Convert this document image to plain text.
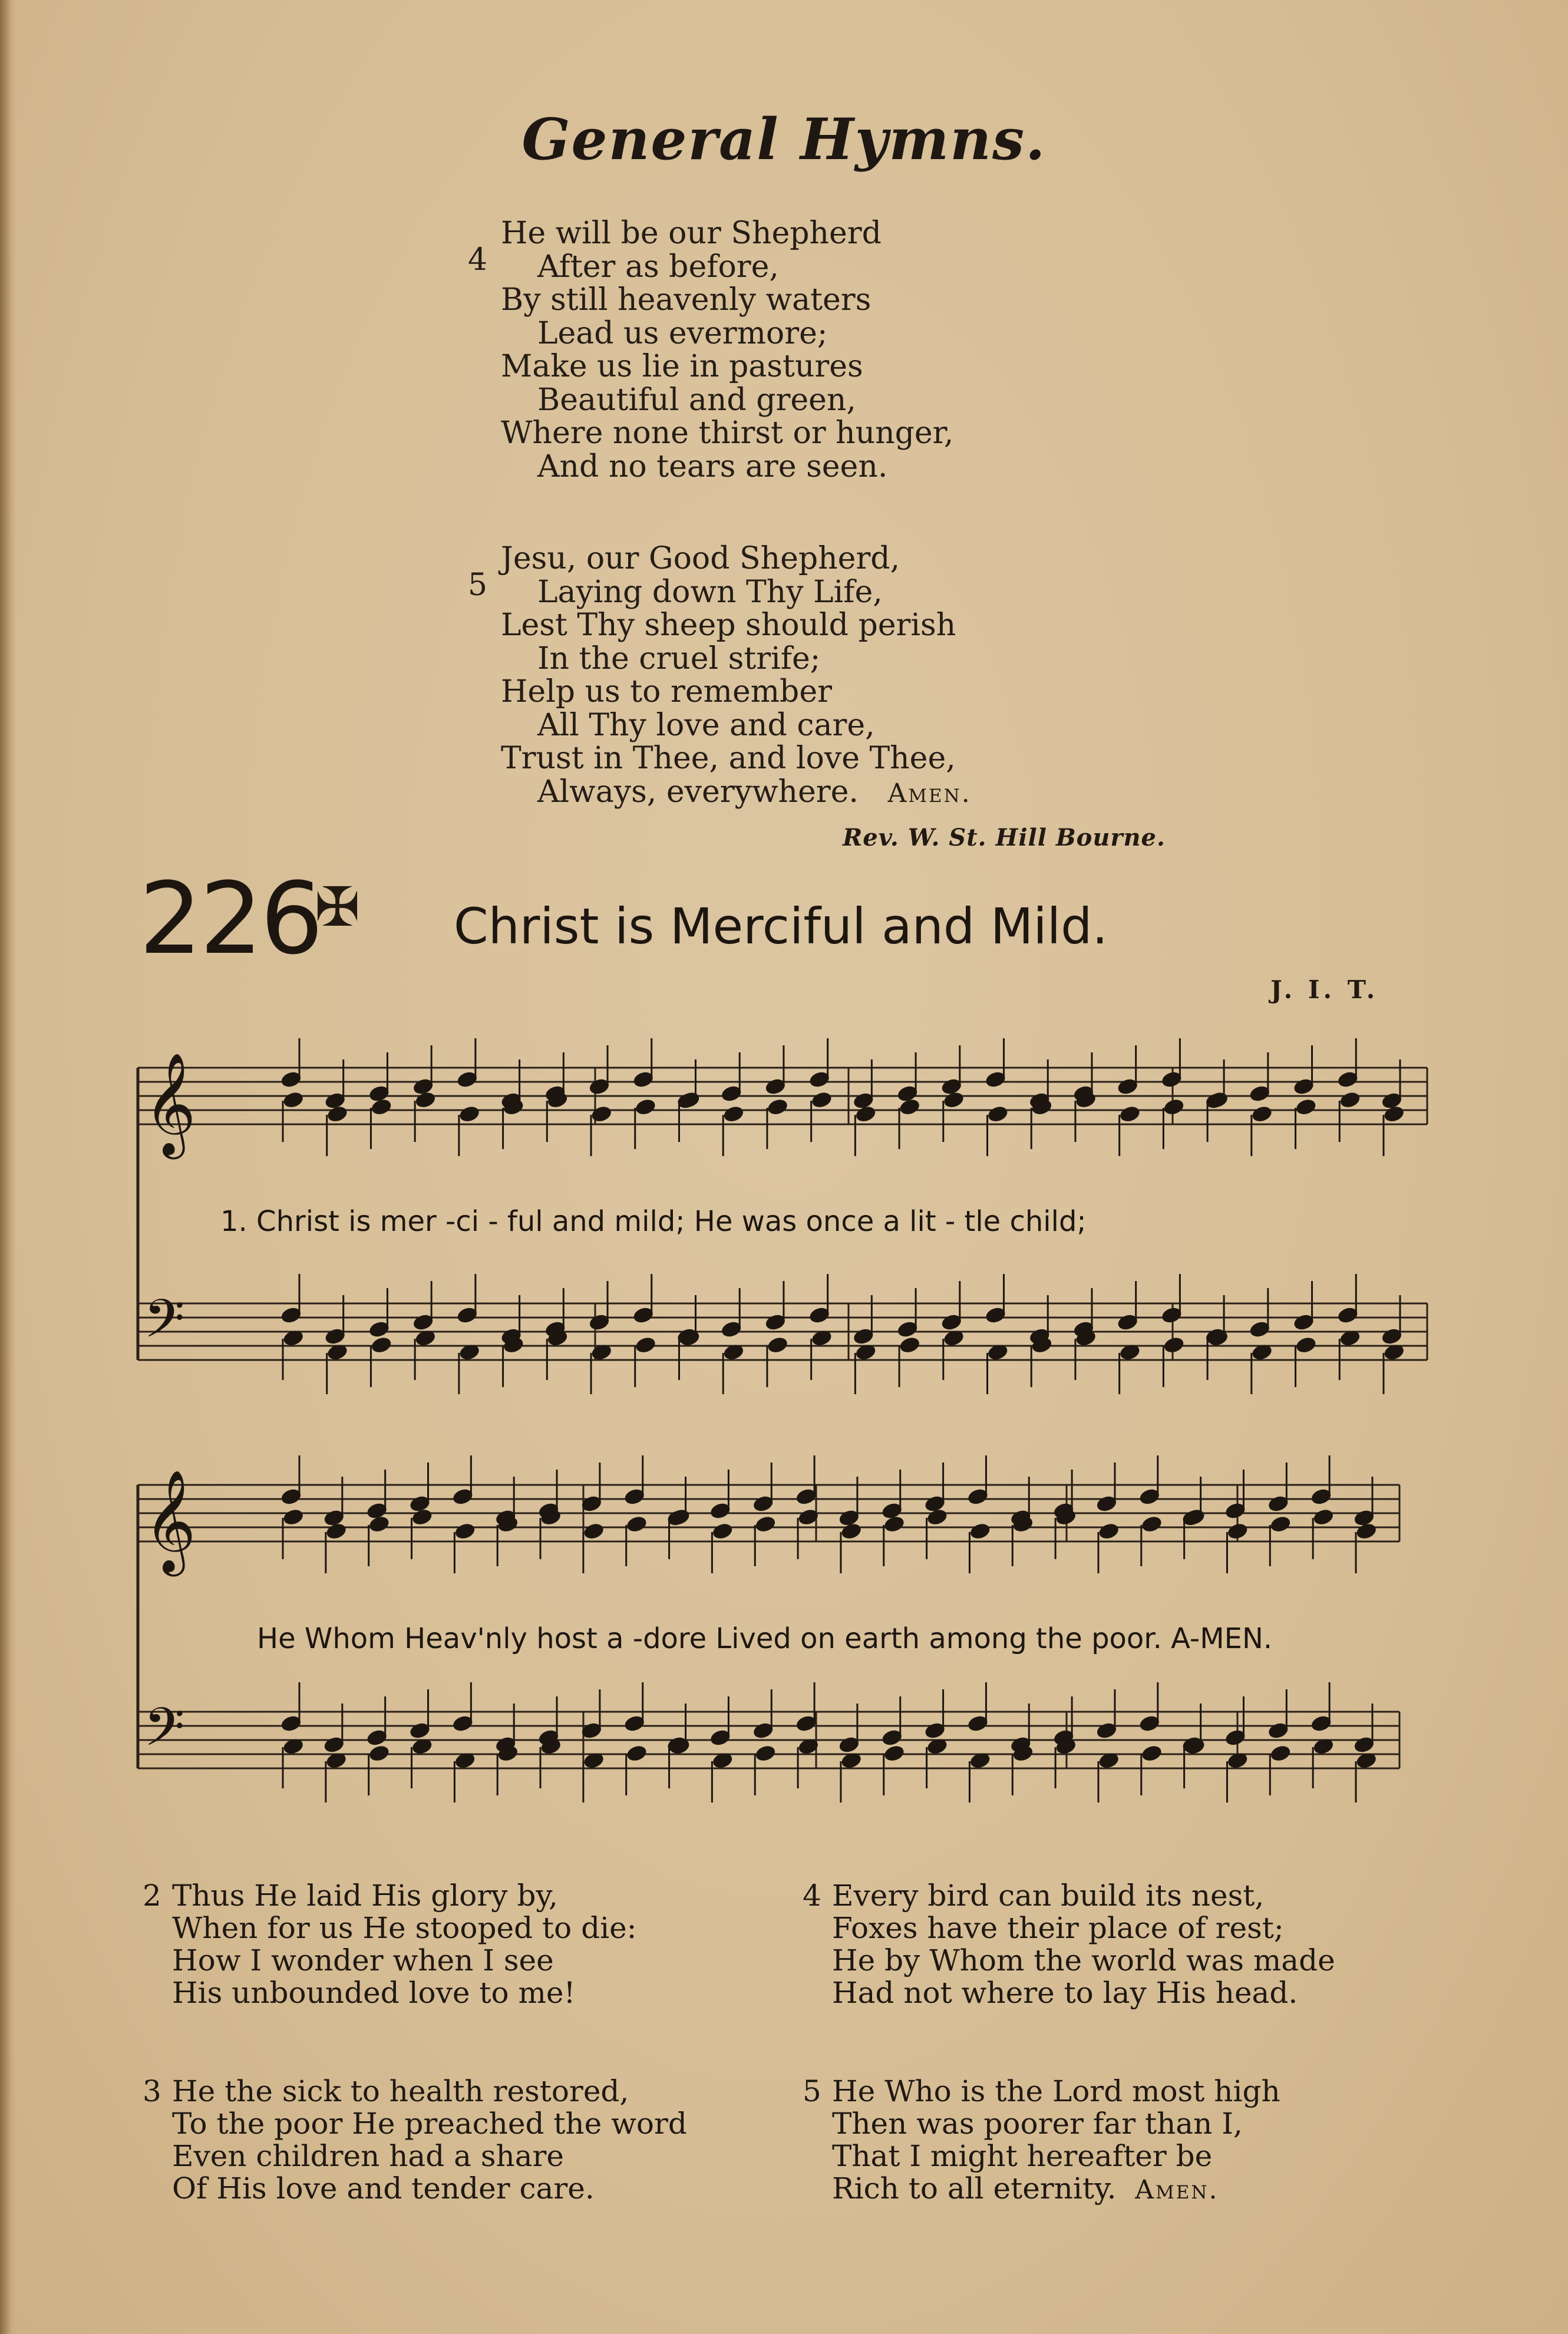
General Hymns.
4
He will be our Shepherd
After as before,
By still heavenly waters
Lead us evermore;
Make us lie in pastures
Beautiful and green,
Where none thirst or hunger,
And no tears are seen.
5
Jesu, our Good Shepherd,
Laying down Thy Life,
Lest Thy sheep should perish
In the cruel strife;
Help us to remember
All Thy love and care,
Trust in Thee, and love Thee,
Always, everywhere. Amen.
Rev. W. St. Hill Bourne.
226
✠ Christ is Merciful and Mild.
J. I. T.
𝄞
𝄢
𝄞
𝄢
1. Christ is mer -ci - ful and mild; He was once a lit - tle child;
He Whom Heav'nly host a -dore Lived on earth among the poor. A-MEN.
2 Thus He laid His glory by,
When for us He stooped to die:
How I wonder when I see
His unbounded love to me!
3 He the sick to health restored,
To the poor He preached the word
Even children had a share
Of His love and tender care.
4 Every bird can build its nest,
Foxes have their place of rest;
He by Whom the world was made
Had not where to lay His head.
5 He Who is the Lord most high
Then was poorer far than I,
That I might hereafter be
Rich to all eternity. Amen.
